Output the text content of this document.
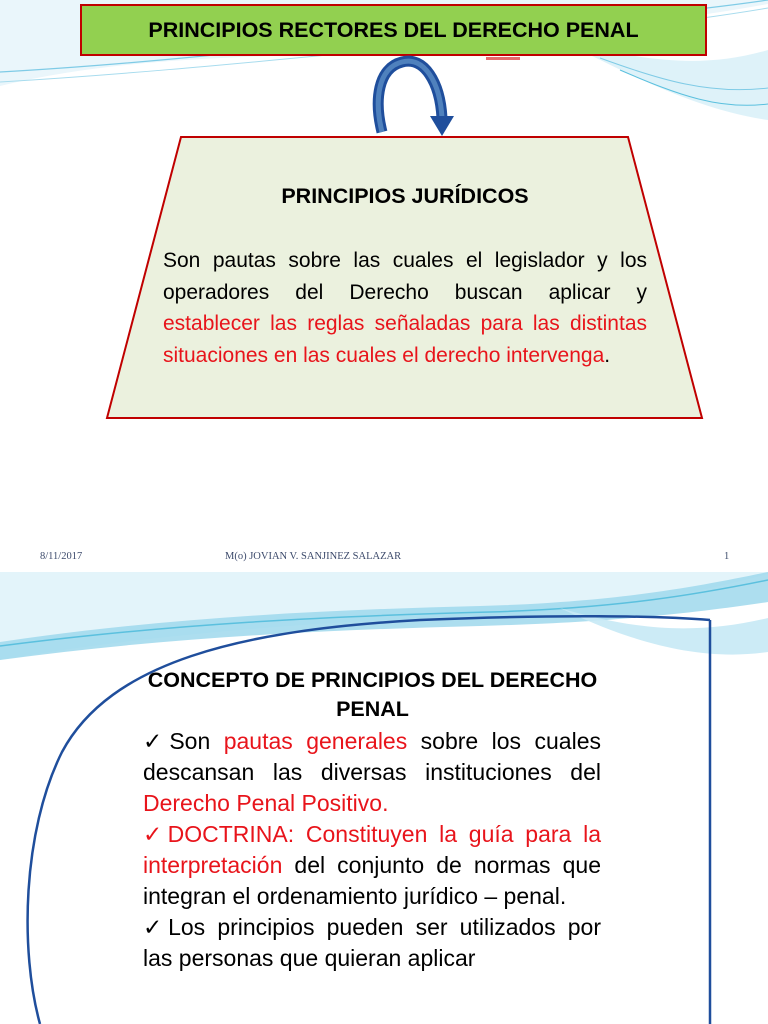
PRINCIPIOS RECTORES DEL DERECHO PENAL
PRINCIPIOS JURÍDICOS
Son pautas sobre las cuales el legislador y los operadores del Derecho buscan aplicar y establecer las reglas señaladas para las distintas situaciones en las cuales el derecho intervenga.
8/11/2017	M(o) JOVIAN V. SANJINEZ SALAZAR	1
CONCEPTO DE PRINCIPIOS DEL DERECHO PENAL

✓Son pautas generales sobre los cuales descansan las diversas instituciones del Derecho Penal Positivo.

✓DOCTRINA: Constituyen la guía para la interpretación del conjunto de normas que integran el ordenamiento jurídico – penal.

✓Los principios pueden ser utilizados por las personas que quieran aplicar
